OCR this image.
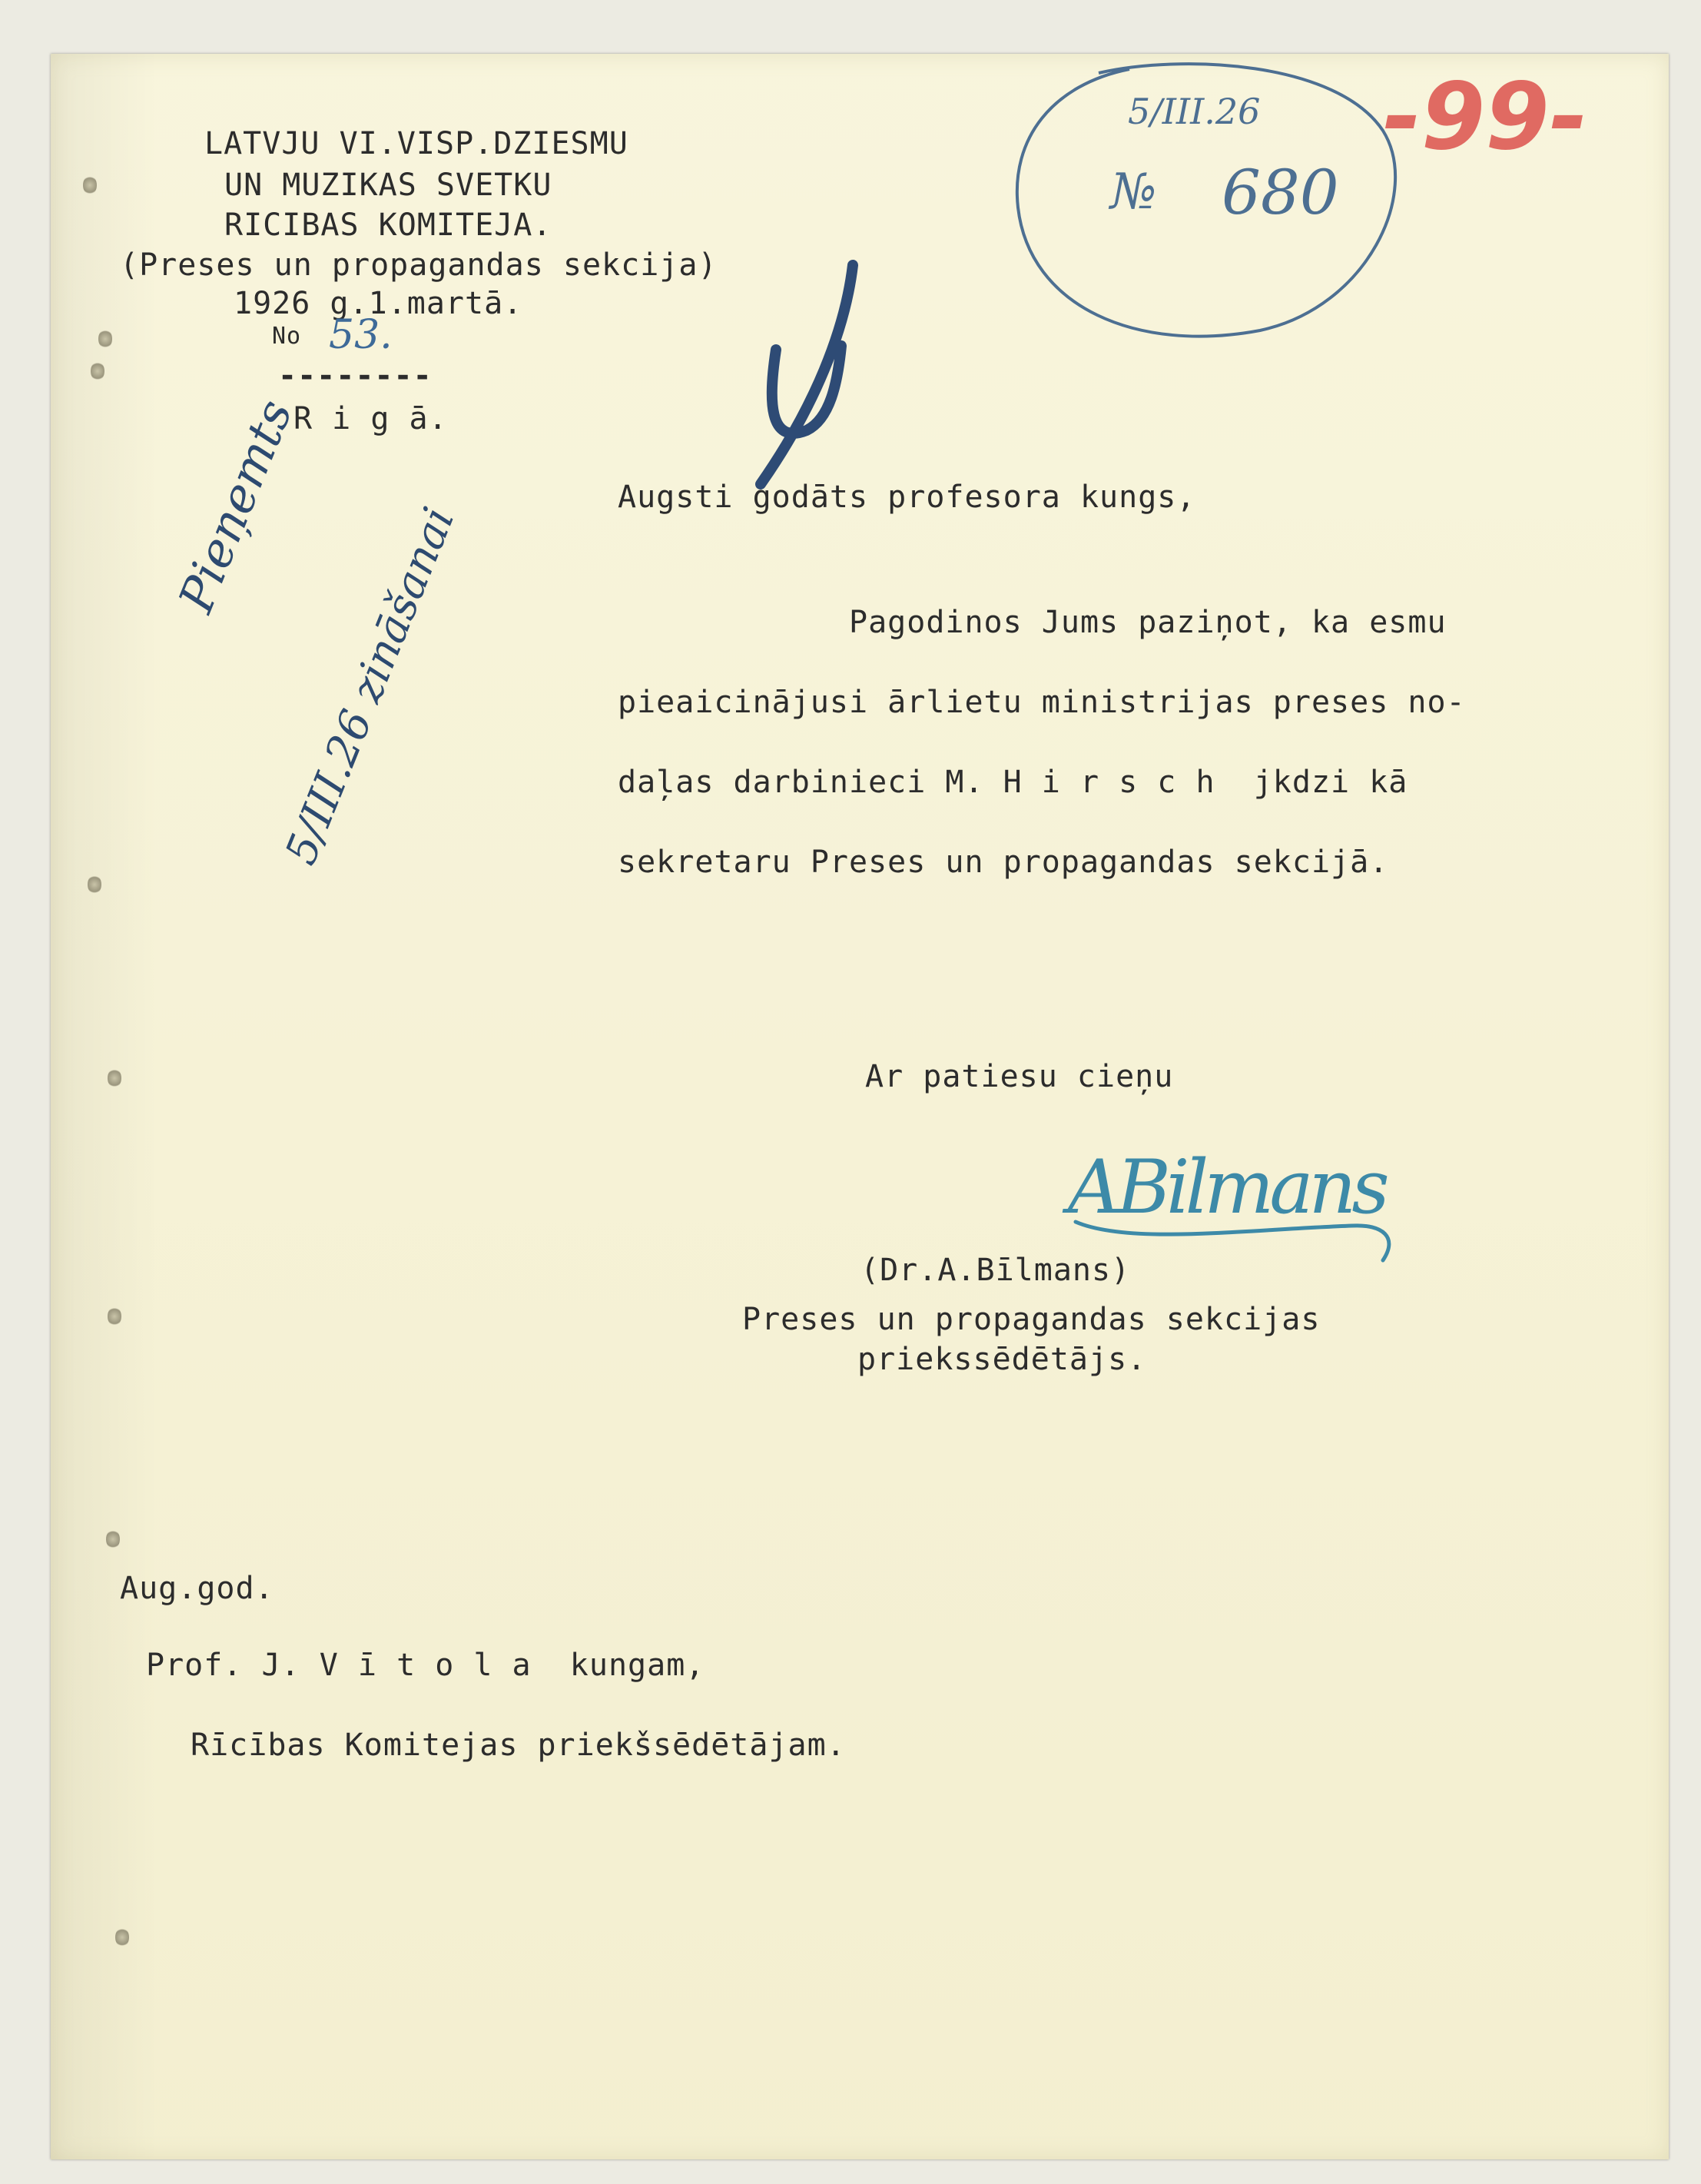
LATVJU VI.VISP.DZIESMU
UN MUZIKAS SVETKU
RICIBAS KOMITEJA.
(Preses un propagandas sekcija)
1926 g.1.martā.
No 53.
--------
R i g ā.
5/III.26
№ 680
-99-
Pieņemts
5/III.26 zināšanai
Augsti godāts profesora kungs,
Pagodinos Jums paziņot, ka esmu
pieaicinājusi ārlietu ministrijas preses no-
daļas darbinieci M. H i r s c h  jkdzi kā
sekretaru Preses un propagandas sekcijā.
Ar patiesu cieņu
ABilmans
(Dr.A.Bīlmans)
Preses un propagandas sekcijas
priekssēdētājs.
Aug.god.
Prof. J. V ī t o l a  kungam,
Rīcības Komitejas priekšsēdētājam.
